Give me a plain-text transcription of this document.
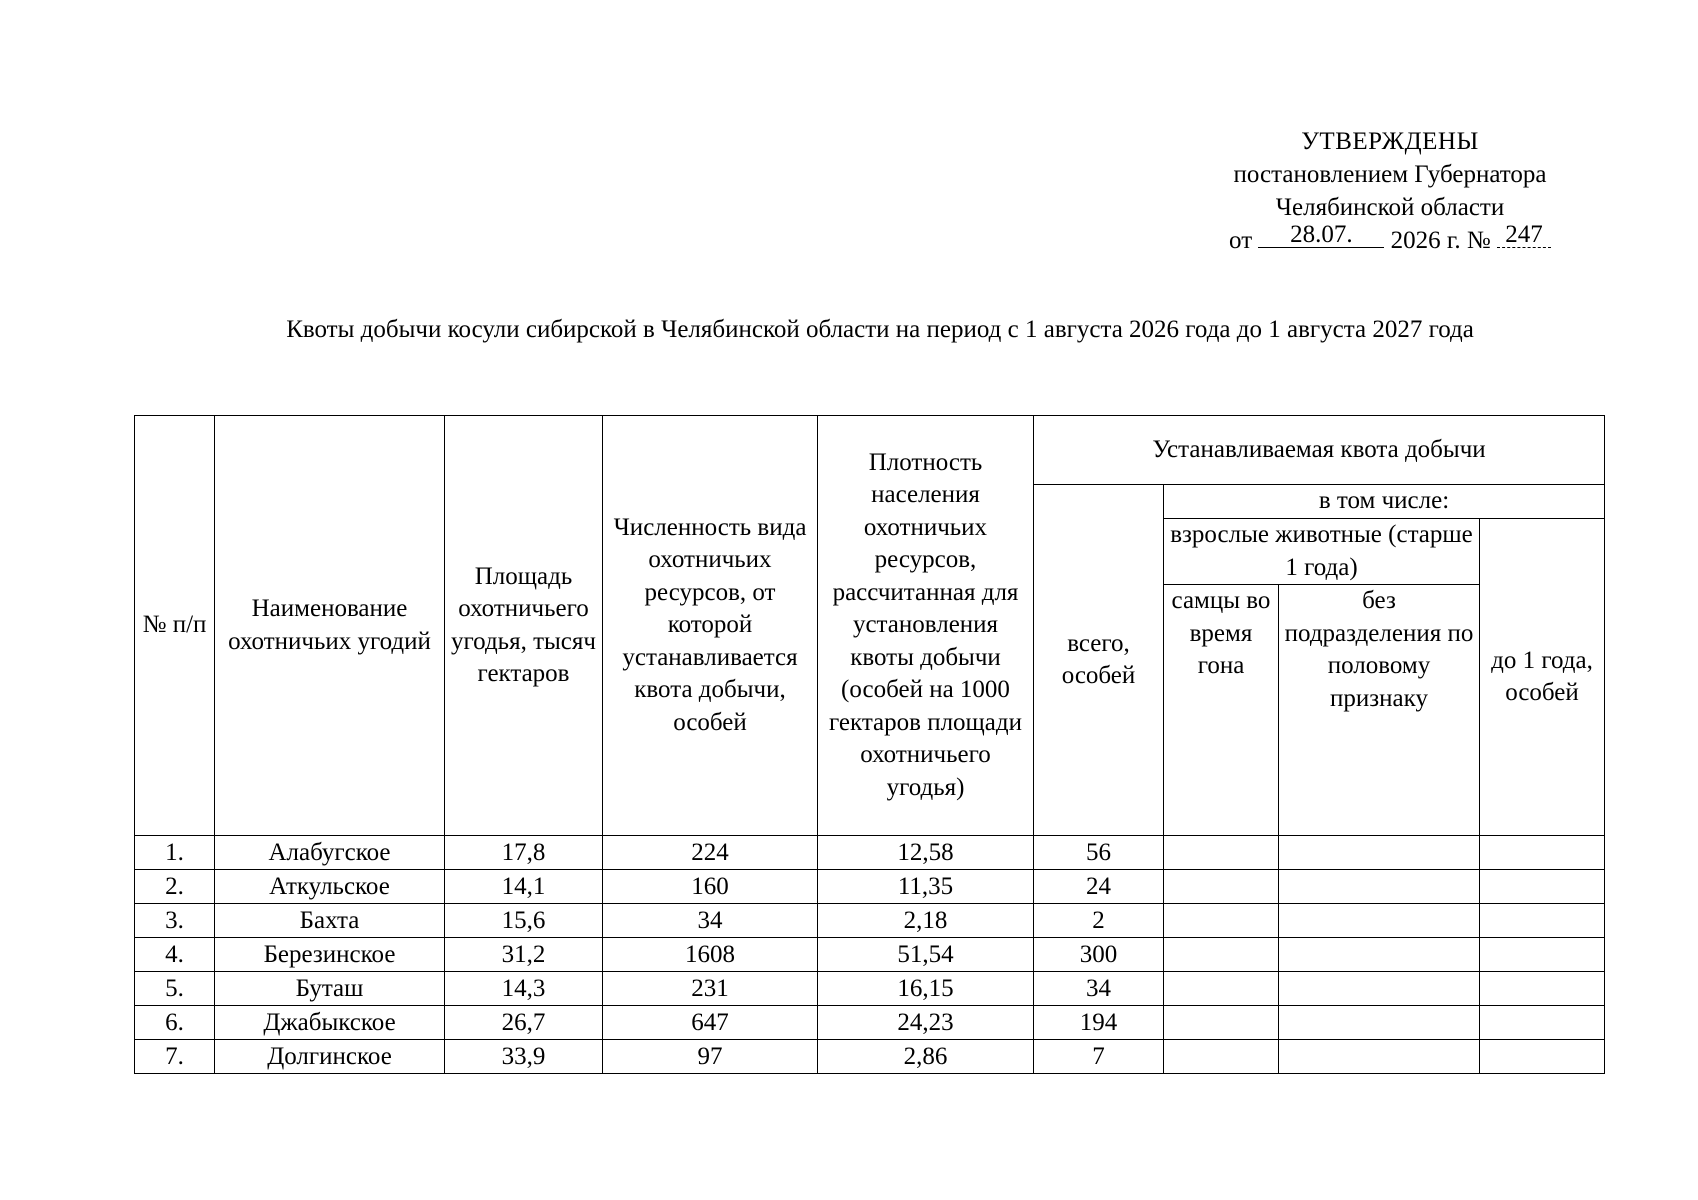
УТВЕРЖДЕНЫ
постановлением Губернатора
Челябинской области
от 28.07. 2026 г. № 247
Квоты добычи косули сибирской в Челябинской области на период с 1 августа 2026 года до 1 августа 2027 года
№ п/п	Наименование охотничьих угодий	Площадь охотничьего угодья, тысяч гектаров	Численность вида охотничьих ресурсов, от которой устанавливается квота добычи, особей	Плотность населения охотничьих ресурсов, рассчитанная для установления квоты добычи (особей на 1000 гектаров площади охотничьего угодья)	Устанавливаемая квота добычи			
					всего, особей	в том числе:		
						взрослые животные (старше 1 года)		до 1 года, особей
						самцы во время гона	без подразделения по половому признаку	
1.	Алабугское	17,8	224	12,58	56			
2.	Аткульское	14,1	160	11,35	24			
3.	Бахта	15,6	34	2,18	2			
4.	Березинское	31,2	1608	51,54	300			
5.	Буташ	14,3	231	16,15	34			
6.	Джабыкское	26,7	647	24,23	194			
7.	Долгинское	33,9	97	2,86	7			
